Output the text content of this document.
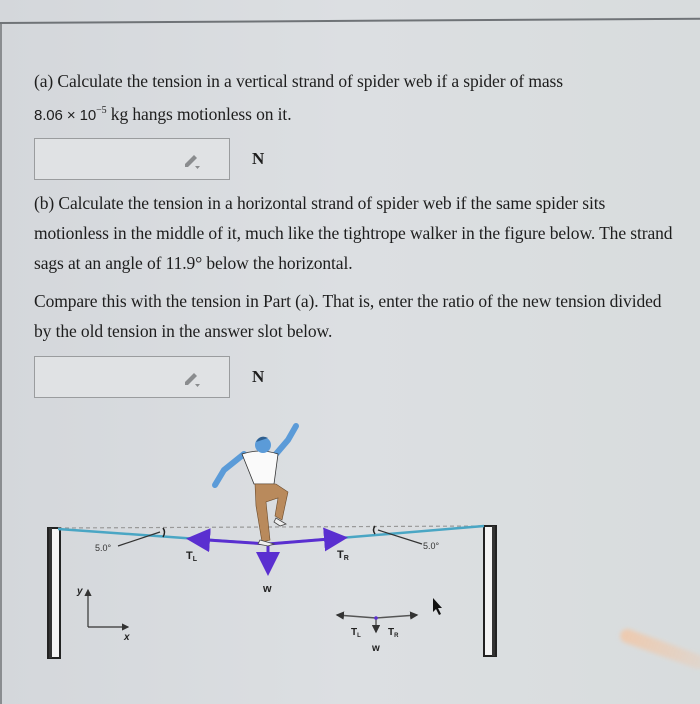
(a) Calculate the tension in a vertical strand of spider web if a spider of mass
$8.06 \times 10^{-5}$ kg hangs motionless on it.
N
(b) Calculate the tension in a horizontal strand of spider web if the same spider sits motionless in the middle of it, much like the tightrope walker in the figure below. The strand sags at an angle of 11.9° below the horizontal.
Compare this with the tension in Part (a). That is, enter the ratio of the new tension divided by the old tension in the answer slot below.
N
5.0°	5.0°
TL	TR
w
y
x	$T_L$	$T_R$
w
